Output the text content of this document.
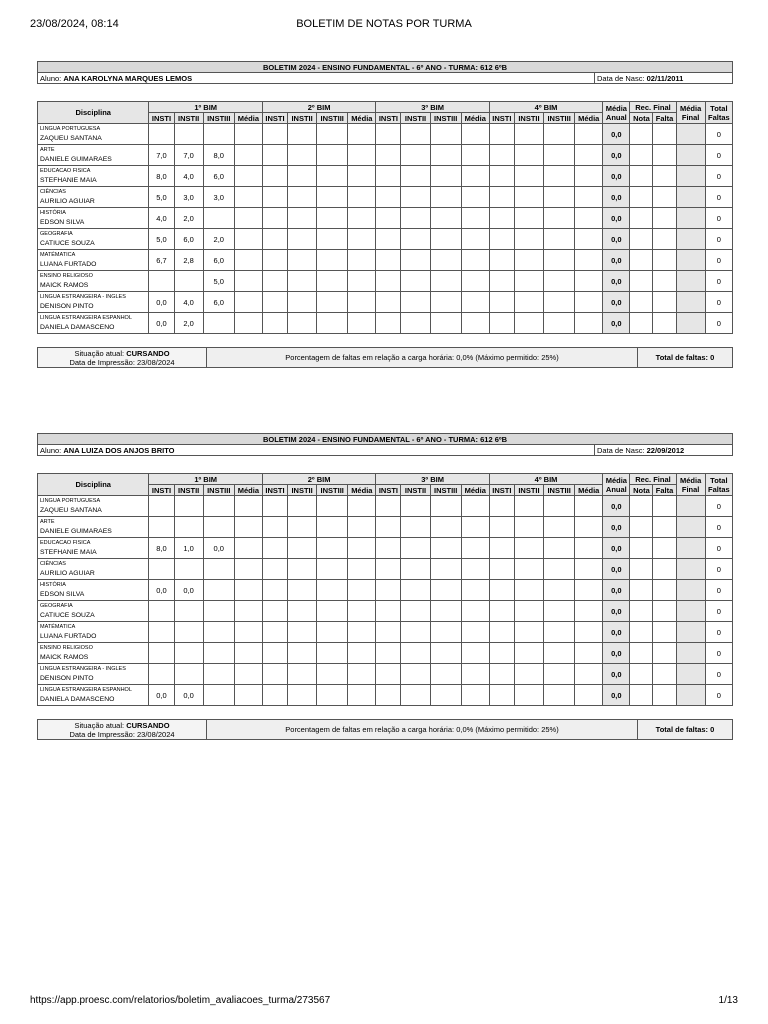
23/08/2024, 08:14	BOLETIM DE NOTAS POR TURMA
BOLETIM 2024 - ENSINO FUNDAMENTAL - 6º ANO - TURMA: 612 6ºB
Aluno: ANA KAROLYNA MARQUES LEMOS	Data de Nasc: 02/11/2011
Disciplina	1º BIM				2º BIM				3º BIM				4º BIM				Média Anual	Rec. Final		Média Final	Total Faltas
	INSTI	INSTII	INSTIII	Média	INSTI	INSTII	INSTIII	Média	INSTI	INSTII	INSTIII	Média	INSTI	INSTII	INSTIII	Média		Nota	Falta		

LINGUA PORTUGUESA
ZAQUEU SANTANA																	0,0				0

ARTE
DANIELE GUIMARAES	7,0	7,0	8,0														0,0				0

EDUCACAO FISICA
STEFHANIE MAIA	8,0	4,0	6,0														0,0				0

CIÊNCIAS
AURILIO AGUIAR	5,0	3,0	3,0														0,0				0

HISTÓRIA
EDSON SILVA	4,0	2,0															0,0				0

GEOGRAFIA
CATIUCE SOUZA	5,0	6,0	2,0														0,0				0

MATÉMATICA
LUANA FURTADO	6,7	2,8	6,0														0,0				0

ENSINO RELIGIOSO
MAICK RAMOS			5,0														0,0				0

LINGUA ESTRANGEIRA - INGLES
DENISON PINTO	0,0	4,0	6,0														0,0				0

LINGUA ESTRANGEIRA ESPANHOL
DANIELA DAMASCENO	0,0	2,0															0,0				0
Situação atual: CURSANDO
Data de Impressão: 23/08/2024	Porcentagem de faltas em relação a carga horária: 0,0% (Máximo permitido: 25%)	Total de faltas: 0
BOLETIM 2024 - ENSINO FUNDAMENTAL - 6º ANO - TURMA: 612 6ºB
Aluno: ANA LUIZA DOS ANJOS BRITO	Data de Nasc: 22/09/2012
Disciplina	1º BIM				2º BIM				3º BIM				4º BIM				Média Anual	Rec. Final		Média Final	Total Faltas
	INSTI	INSTII	INSTIII	Média	INSTI	INSTII	INSTIII	Média	INSTI	INSTII	INSTIII	Média	INSTI	INSTII	INSTIII	Média		Nota	Falta		

LINGUA PORTUGUESA
ZAQUEU SANTANA																	0,0				0

ARTE
DANIELE GUIMARAES																	0,0				0

EDUCACAO FISICA
STEFHANIE MAIA	8,0	1,0	0,0														0,0				0

CIÊNCIAS
AURILIO AGUIAR																	0,0				0

HISTÓRIA
EDSON SILVA	0,0	0,0															0,0				0

GEOGRAFIA
CATIUCE SOUZA																	0,0				0

MATÉMATICA
LUANA FURTADO																	0,0				0

ENSINO RELIGIOSO
MAICK RAMOS																	0,0				0

LINGUA ESTRANGEIRA - INGLES
DENISON PINTO																	0,0				0

LINGUA ESTRANGEIRA ESPANHOL
DANIELA DAMASCENO	0,0	0,0															0,0				0
Situação atual: CURSANDO
Data de Impressão: 23/08/2024	Porcentagem de faltas em relação a carga horária: 0,0% (Máximo permitido: 25%)	Total de faltas: 0
https://app.proesc.com/relatorios/boletim_avaliacoes_turma/273567	1/13
